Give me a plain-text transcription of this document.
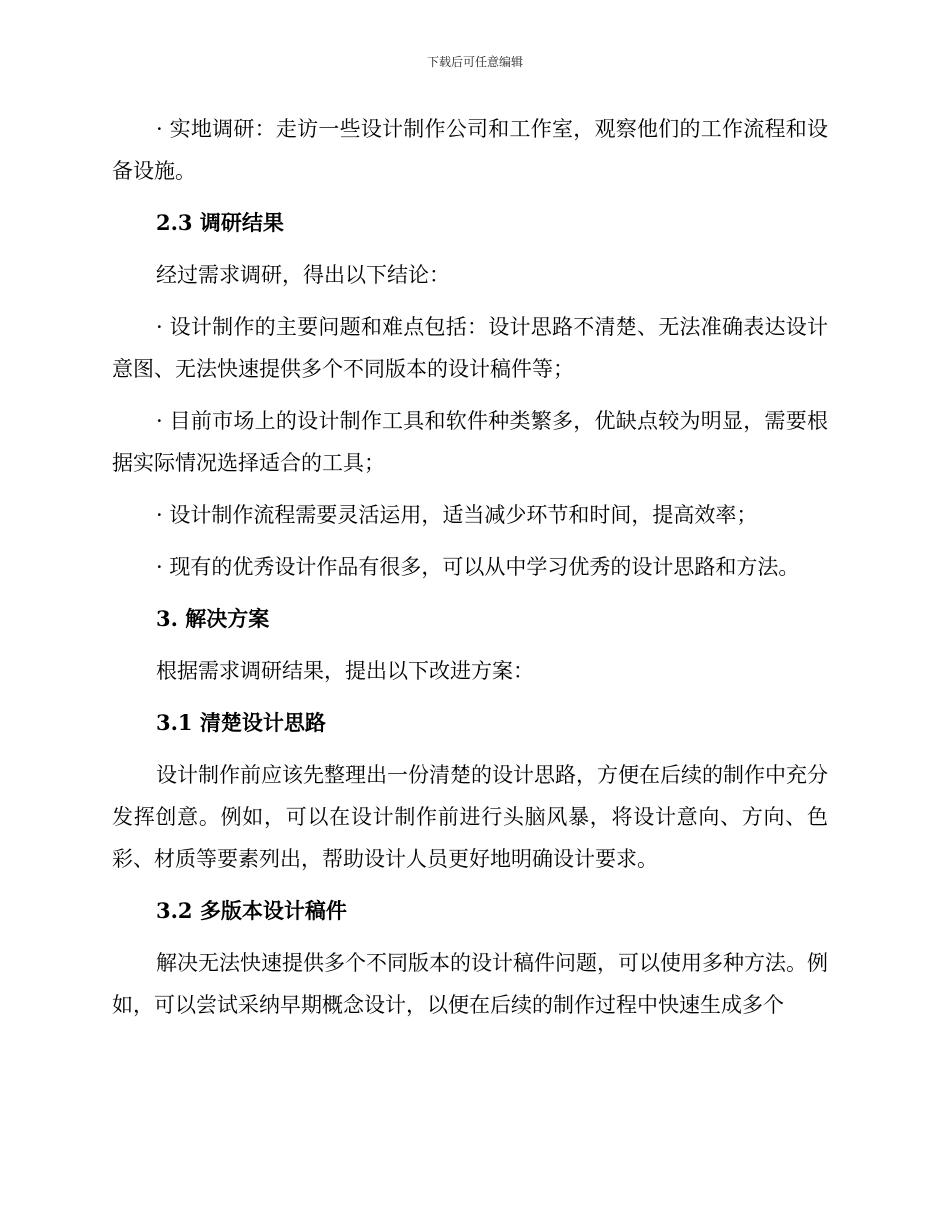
下载后可任意编辑

· 实地调研：走访一些设计制作公司和工作室，观察他们的工作流程和设备设施。

2.3 调研结果

经过需求调研，得出以下结论：

· 设计制作的主要问题和难点包括：设计思路不清楚、无法准确表达设计意图、无法快速提供多个不同版本的设计稿件等；

· 目前市场上的设计制作工具和软件种类繁多，优缺点较为明显，需要根据实际情况选择适合的工具；

· 设计制作流程需要灵活运用，适当减少环节和时间，提高效率；

· 现有的优秀设计作品有很多，可以从中学习优秀的设计思路和方法。

3. 解决方案

根据需求调研结果，提出以下改进方案：

3.1 清楚设计思路

设计制作前应该先整理出一份清楚的设计思路，方便在后续的制作中充分发挥创意。例如，可以在设计制作前进行头脑风暴，将设计意向、方向、色彩、材质等要素列出，帮助设计人员更好地明确设计要求。

3.2 多版本设计稿件

解决无法快速提供多个不同版本的设计稿件问题，可以使用多种方法。例如，可以尝试采纳早期概念设计，以便在后续的制作过程中快速生成多个
